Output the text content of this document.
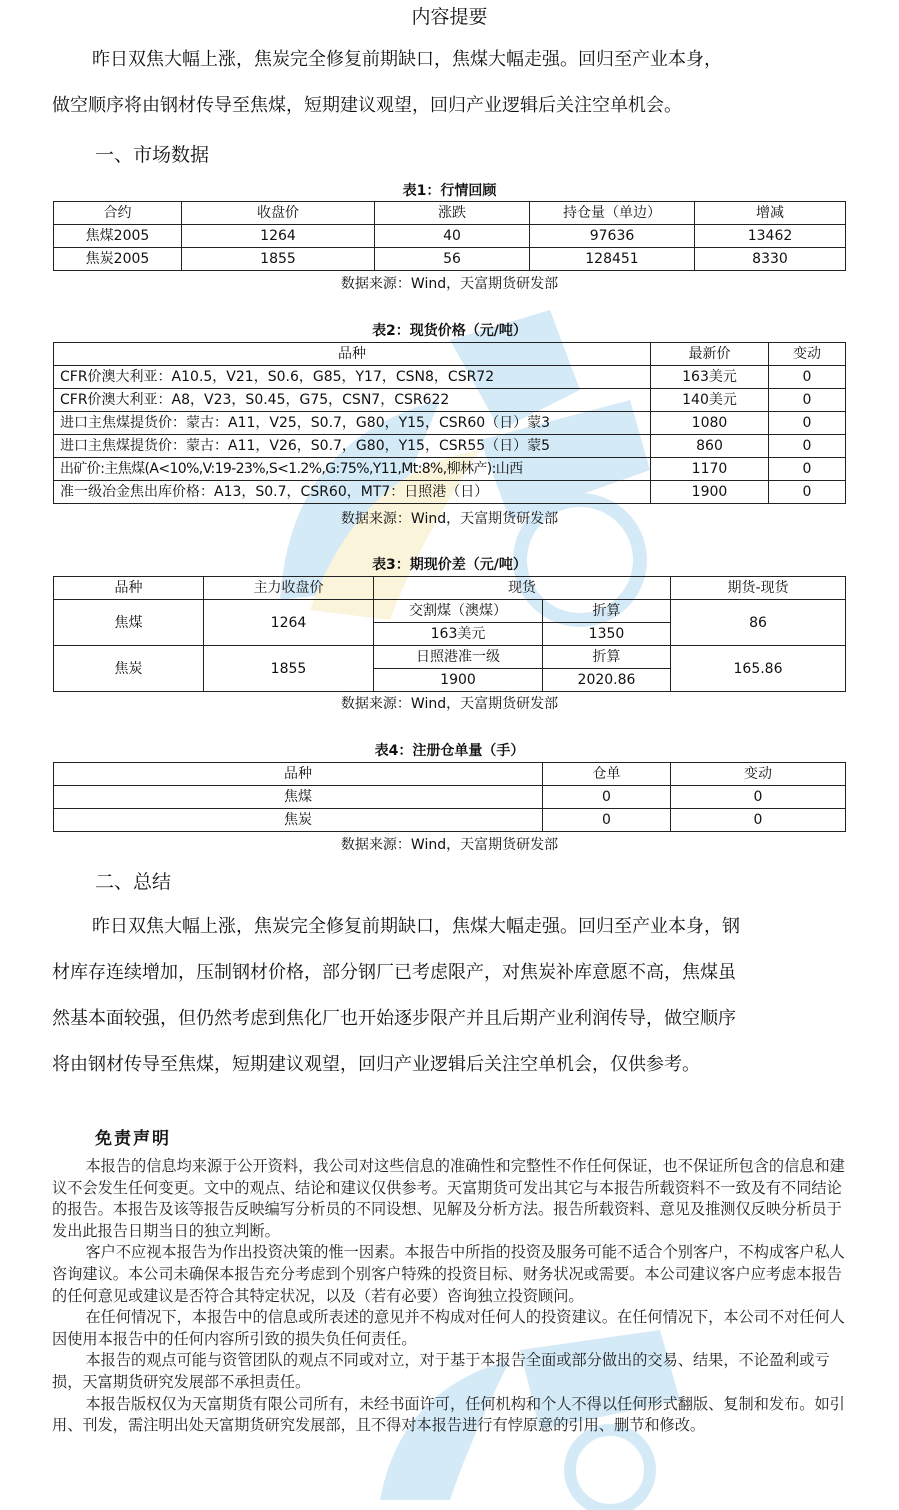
内容提要

昨日双焦大幅上涨，焦炭完全修复前期缺口，焦煤大幅走强。回归至产业本身，
做空顺序将由钢材传导至焦煤，短期建议观望，回归产业逻辑后关注空单机会。

一、市场数据
表1：行情回顾
合约	收盘价	涨跌	持仓量（单边）	增减
焦煤2005	1264	40	97636	13462
焦炭2005	1855	56	128451	8330
数据来源：Wind，天富期货研发部
表2：现货价格（元/吨）
品种	最新价	变动
CFR价澳大利亚：A10.5，V21，S0.6，G85，Y17，CSN8，CSR72	163美元	0
CFR价澳大利亚：A8，V23，S0.45，G75，CSN7，CSR622	140美元	0
进口主焦煤提货价：蒙古：A11，V25，S0.7，G80，Y15，CSR60（日）蒙3	1080	0
进口主焦煤提货价：蒙古：A11，V26，S0.7，G80，Y15，CSR55（日）蒙5	860	0
出矿价:主焦煤(A<10%,V:19-23%,S<1.2%,G:75%,Y11,Mt:8%,柳林产):山西	1170	0
准一级冶金焦出库价格：A13，S0.7，CSR60，MT7：日照港（日）	1900	0
数据来源：Wind，天富期货研发部
表3：期现价差（元/吨）
品种	主力收盘价	现货		期货-现货
焦煤	1264	交割煤（澳煤）	折算	86
		163美元	1350	
焦炭	1855	日照港准一级	折算	165.86
		1900	2020.86	
数据来源：Wind，天富期货研发部
表4：注册仓单量（手）
品种	仓单	变动
焦煤	0	0
焦炭	0	0
数据来源：Wind，天富期货研发部
二、总结

昨日双焦大幅上涨，焦炭完全修复前期缺口，焦煤大幅走强。回归至产业本身，钢
材库存连续增加，压制钢材价格，部分钢厂已考虑限产，对焦炭补库意愿不高，焦煤虽
然基本面较强，但仍然考虑到焦化厂也开始逐步限产并且后期产业利润传导，做空顺序
将由钢材传导至焦煤，短期建议观望，回归产业逻辑后关注空单机会，仅供参考。

免责声明

本报告的信息均来源于公开资料，我公司对这些信息的准确性和完整性不作任何保证，也不保证所包含的信息和建议不会发生任何变更。文中的观点、结论和建议仅供参考。天富期货可发出其它与本报告所载资料不一致及有不同结论的报告。本报告及该等报告反映编写分析员的不同设想、见解及分析方法。报告所载资料、意见及推测仅反映分析员于发出此报告日期当日的独立判断。

客户不应视本报告为作出投资决策的惟一因素。本报告中所指的投资及服务可能不适合个别客户，不构成客户私人咨询建议。本公司未确保本报告充分考虑到个别客户特殊的投资目标、财务状况或需要。本公司建议客户应考虑本报告的任何意见或建议是否符合其特定状况，以及（若有必要）咨询独立投资顾问。

在任何情况下，本报告中的信息或所表述的意见并不构成对任何人的投资建议。在任何情况下，本公司不对任何人因使用本报告中的任何内容所引致的损失负任何责任。

本报告的观点可能与资管团队的观点不同或对立，对于基于本报告全面或部分做出的交易、结果，不论盈利或亏损，天富期货研究发展部不承担责任。

本报告版权仅为天富期货有限公司所有，未经书面许可，任何机构和个人不得以任何形式翻版、复制和发布。如引用、刊发，需注明出处天富期货研究发展部，且不得对本报告进行有悖原意的引用、删节和修改。
